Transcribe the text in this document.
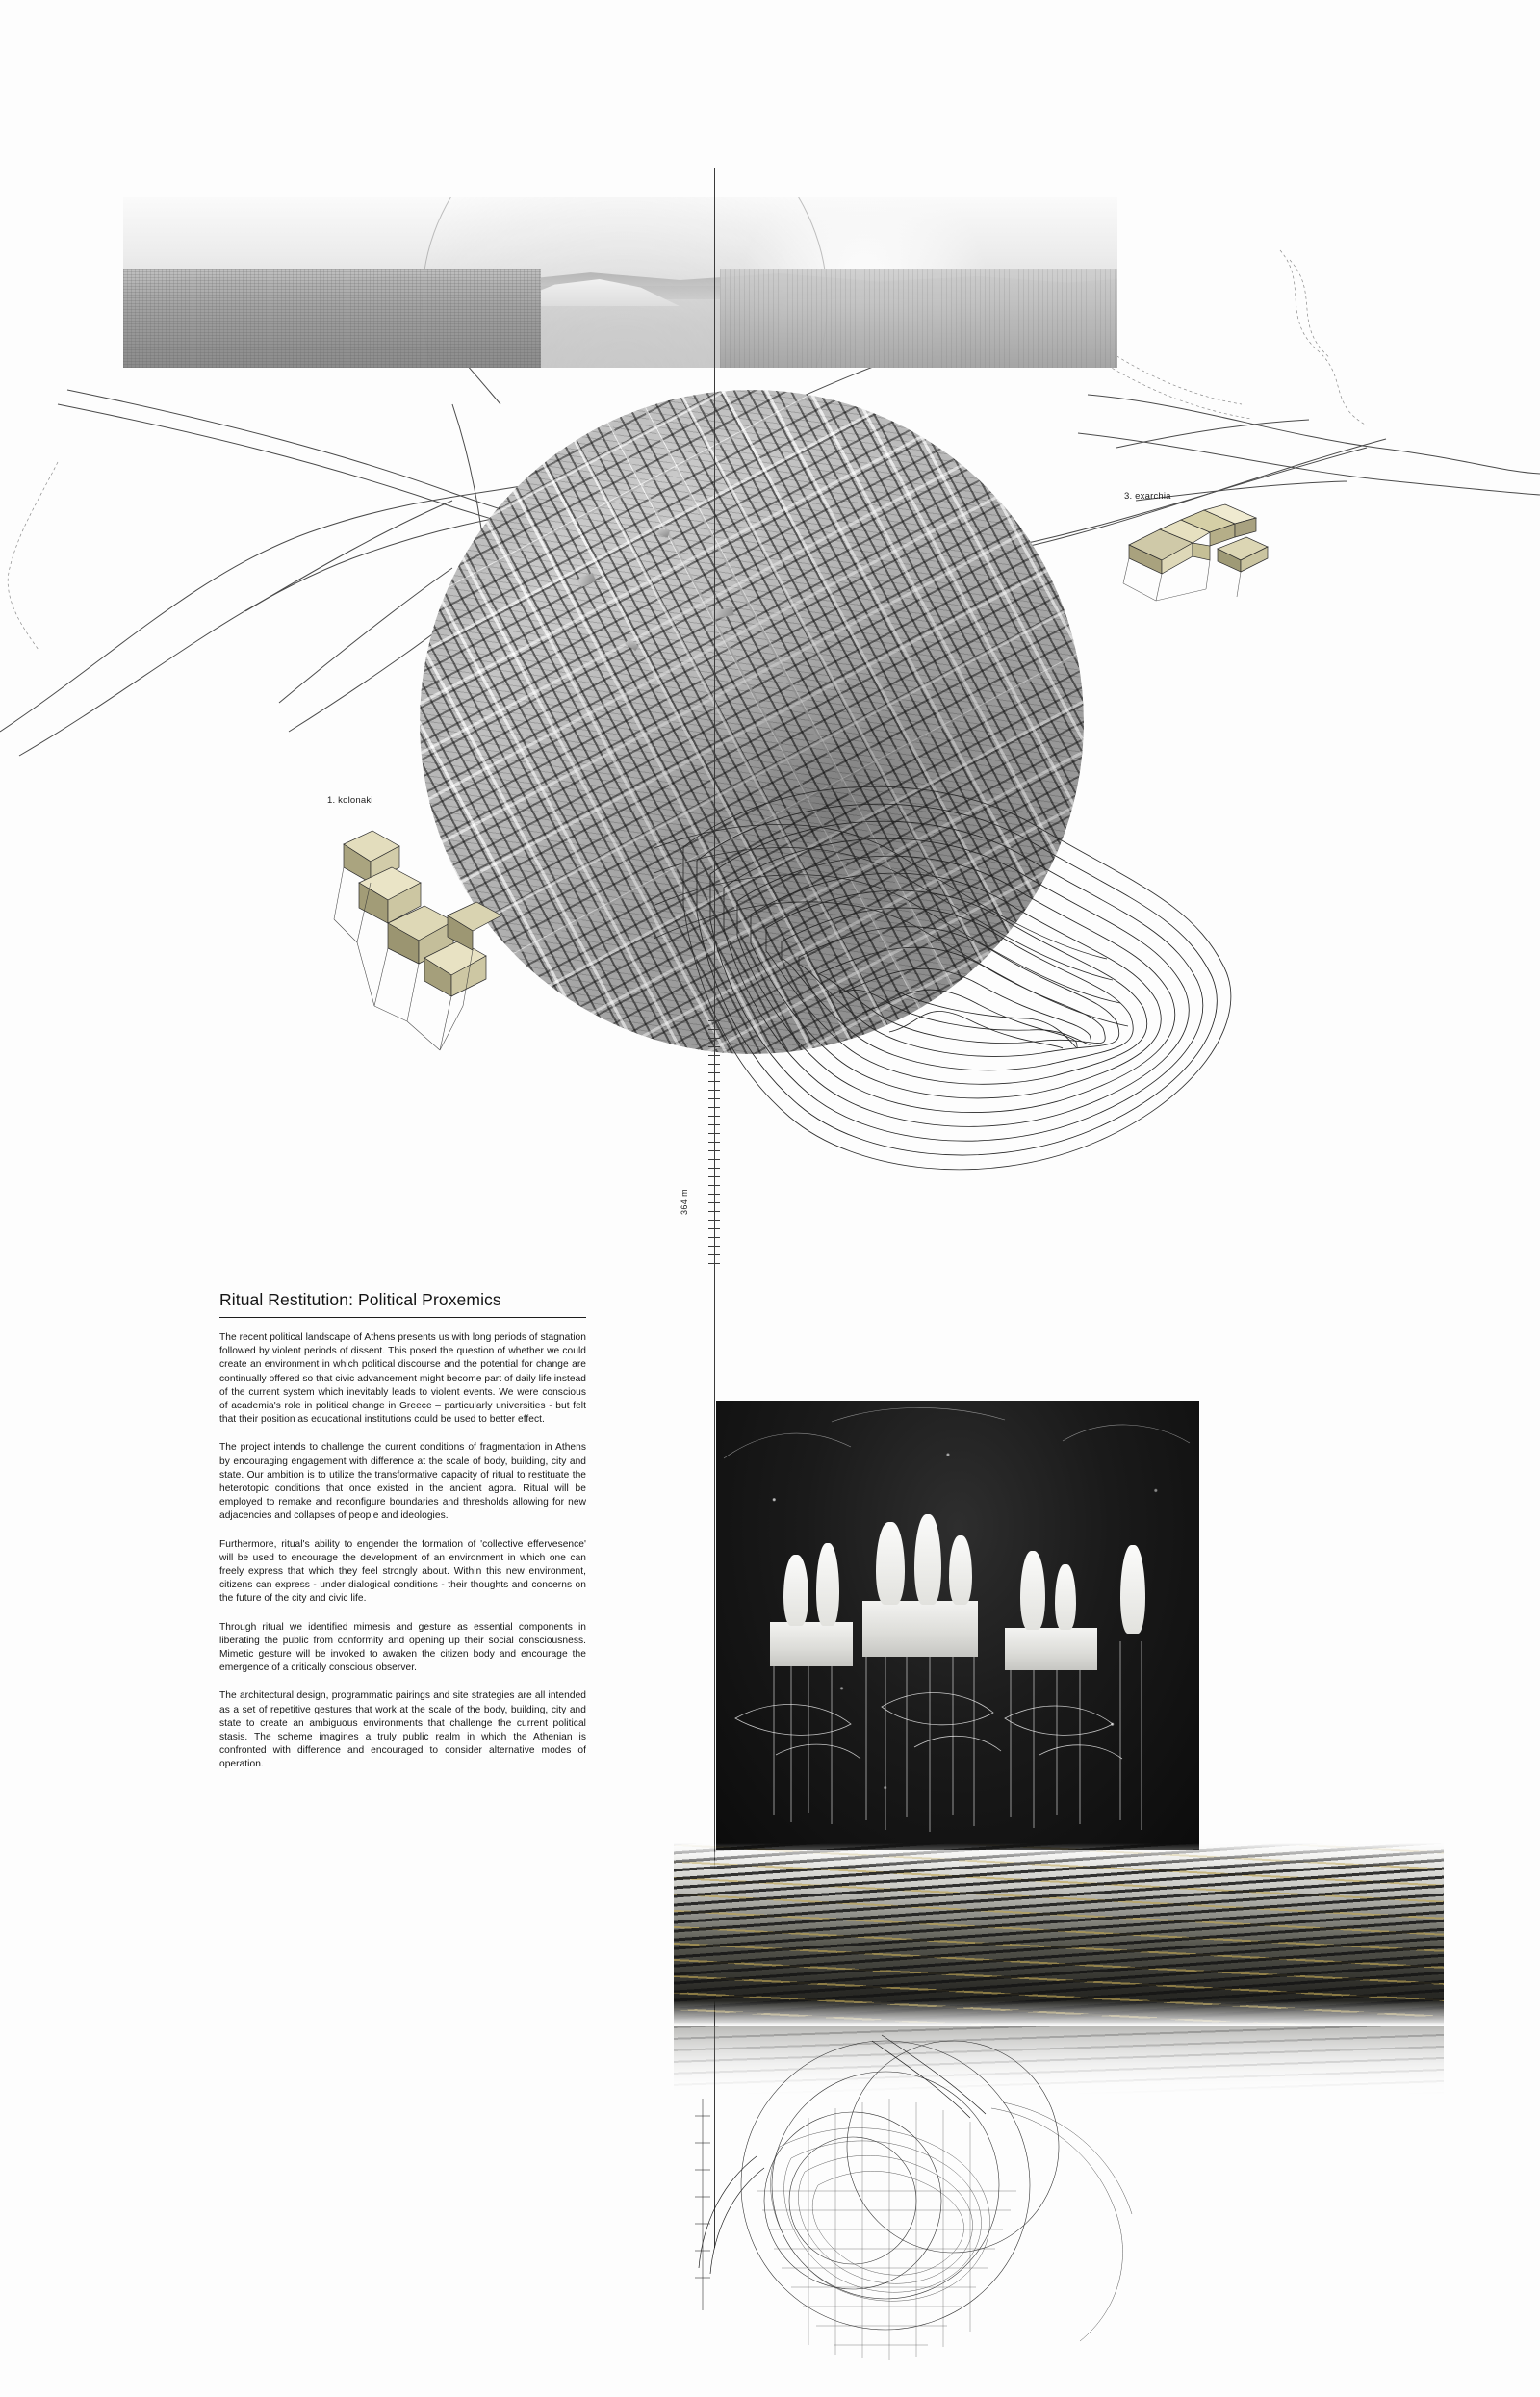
364 m
1. kolonaki
3. exarchia
Ritual Restitution: Political Proxemics

The recent political landscape of Athens presents us with long periods of stagnation followed by violent periods of dissent. This posed the question of whether we could create an environment in which political discourse and the potential for change are continually offered so that civic advancement might become part of daily life instead of the current system which inevitably leads to violent events. We were conscious of academia's role in political change in Greece – particularly universities - but felt that their position as educational institutions could be used to better effect.

The project intends to challenge the current conditions of fragmentation in Athens by encouraging engagement with difference at the scale of body, building, city and state. Our ambition is to utilize the transformative capacity of ritual to restituate the heterotopic conditions that once existed in the ancient agora. Ritual will be employed to remake and reconfigure boundaries and thresholds allowing for new adjacencies and collapses of people and ideologies.

Furthermore, ritual's ability to engender the formation of 'collective effervesence' will be used to encourage the development of an environment in which one can freely express that which they feel strongly about. Within this new environment, citizens can express - under dialogical conditions - their thoughts and concerns on the future of the city and civic life.

Through ritual we identified mimesis and gesture as essential components in liberating the public from conformity and opening up their social consciousness. Mimetic gesture will be invoked to awaken the citizen body and encourage the emergence of a critically conscious observer.

The architectural design, programmatic pairings and site strategies are all intended as a set of repetitive gestures that work at the scale of the body, building, city and state to create an ambiguous environments that challenge the current political stasis. The scheme imagines a truly public realm in which the Athenian is confronted with difference and encouraged to consider alternative modes of operation.
